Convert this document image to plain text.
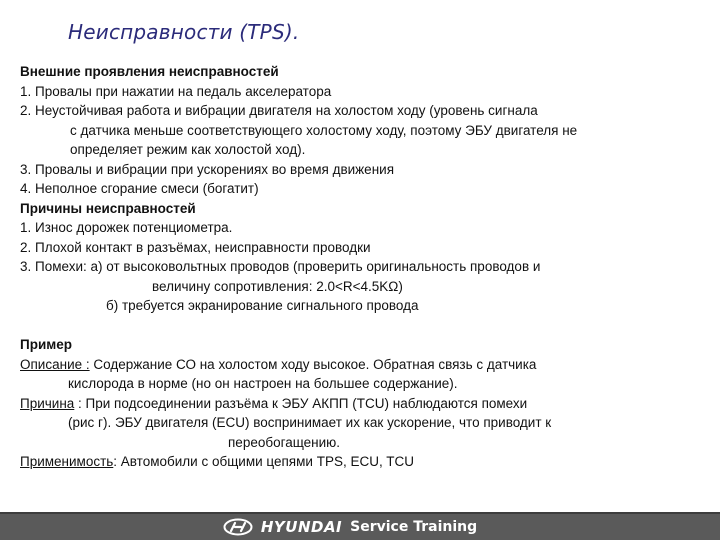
Неисправности (TPS).
Внешние проявления неисправностей
1. Провалы при нажатии на педаль акселератора
2. Неустойчивая работа и вибрации двигателя на холостом ходу (уровень сигнала
с датчика меньше соответствующего холостому ходу, поэтому ЭБУ двигателя не
определяет режим как холостой ход).
3. Провалы и вибрации при ускорениях во время движения
4. Неполное сгорание смеси (богатит)
Причины неисправностей
1. Износ дорожек потенциометра.
2. Плохой контакт в разъёмах, неисправности проводки
3. Помехи: а) от высоковольтных проводов (проверить оригинальность проводов и
величину сопротивления: 2.0<R<4.5KΩ)
б) требуется экранирование сигнального провода
Пример
Описание : Содержание СО на холостом ходу высокое. Обратная связь с датчика
кислорода в норме (но он настроен на большее содержание).
Причина : При подсоединении разъёма к ЭБУ АКПП (TCU) наблюдаются помехи
(рис г). ЭБУ двигателя (ECU) воспринимает их как ускорение, что приводит к
переобогащению.
Применимость: Автомобили с общими цепями TPS, ECU, TCU
HYUNDAI Service Training
